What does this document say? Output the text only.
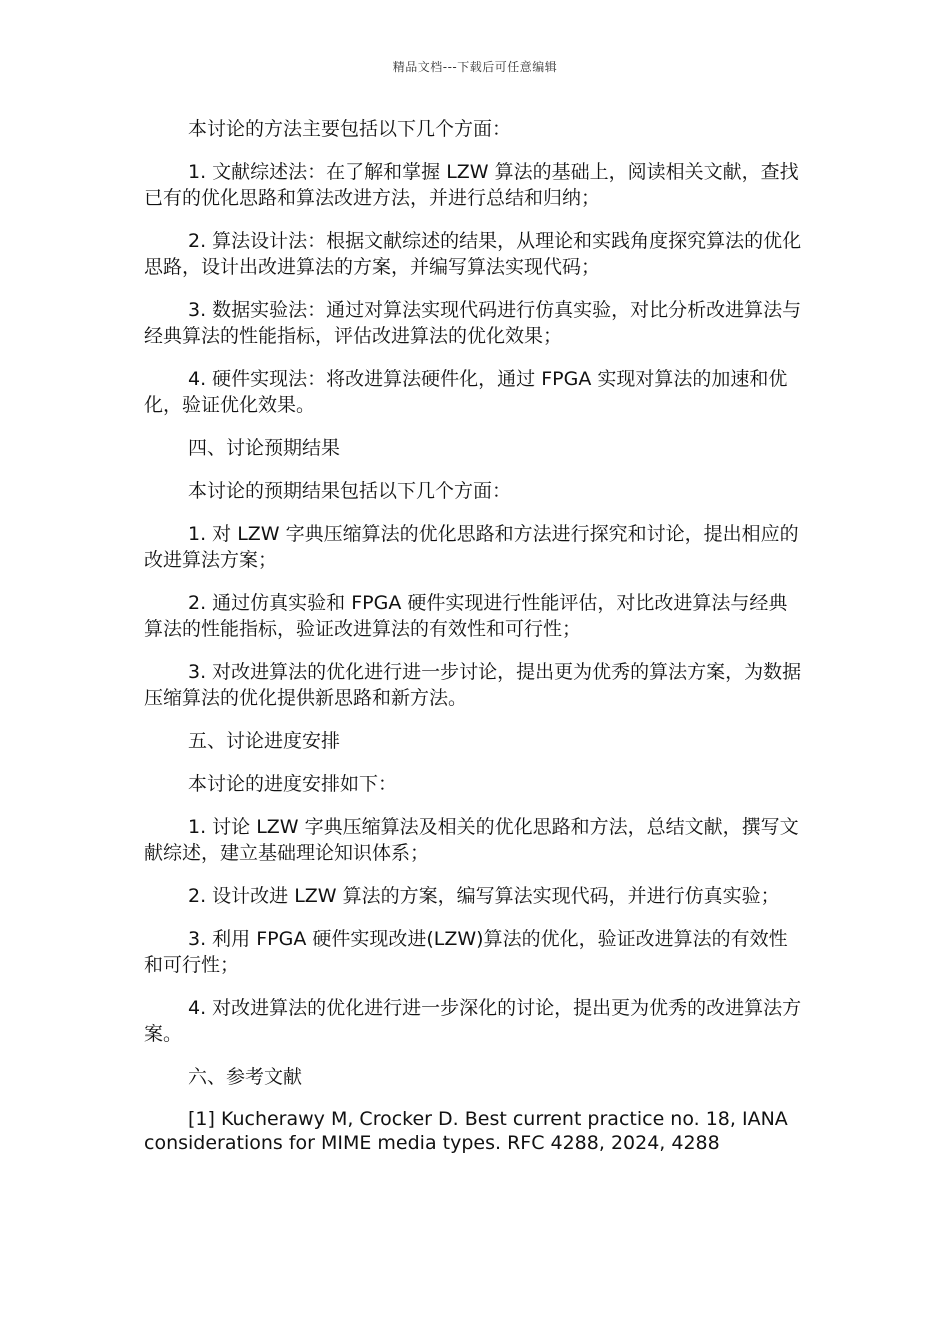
精品文档---下载后可任意编辑

本讨论的方法主要包括以下几个方面：

1. 文献综述法：在了解和掌握 LZW 算法的基础上，阅读相关文献，查找已有的优化思路和算法改进方法，并进行总结和归纳；

2. 算法设计法：根据文献综述的结果，从理论和实践角度探究算法的优化思路，设计出改进算法的方案，并编写算法实现代码；

3. 数据实验法：通过对算法实现代码进行仿真实验，对比分析改进算法与经典算法的性能指标，评估改进算法的优化效果；

4. 硬件实现法：将改进算法硬件化，通过 FPGA 实现对算法的加速和优化，验证优化效果。

四、讨论预期结果

本讨论的预期结果包括以下几个方面：

1. 对 LZW 字典压缩算法的优化思路和方法进行探究和讨论，提出相应的改进算法方案；

2. 通过仿真实验和 FPGA 硬件实现进行性能评估，对比改进算法与经典算法的性能指标，验证改进算法的有效性和可行性；

3. 对改进算法的优化进行进一步讨论，提出更为优秀的算法方案，为数据压缩算法的优化提供新思路和新方法。

五、讨论进度安排

本讨论的进度安排如下：

1. 讨论 LZW 字典压缩算法及相关的优化思路和方法，总结文献，撰写文献综述，建立基础理论知识体系；

2. 设计改进 LZW 算法的方案，编写算法实现代码，并进行仿真实验；

3. 利用 FPGA 硬件实现改进(LZW)算法的优化，验证改进算法的有效性和可行性；

4. 对改进算法的优化进行进一步深化的讨论，提出更为优秀的改进算法方案。

六、参考文献

[1] Kucherawy M, Crocker D. Best current practice no. 18, IANA considerations for MIME media types. RFC 4288, 2024, 4288
